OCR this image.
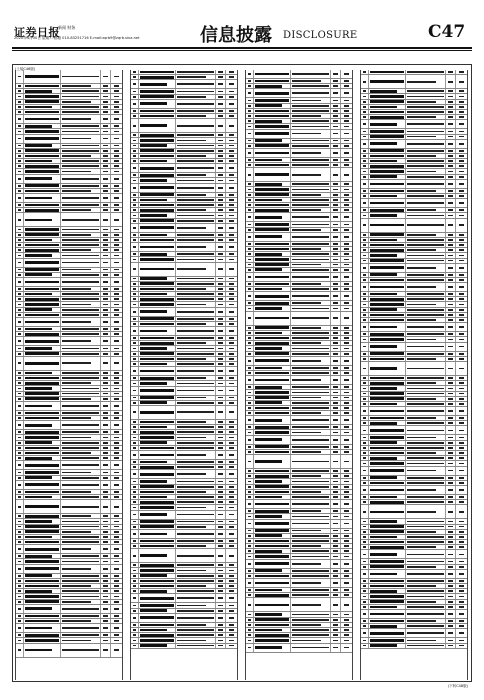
证券日报
新闻 财务
2020年4月30日 星期二 邮箱 010-83251716 E-mail:zqrb9@zqrb.sina.net	信息披露 DISCLOSURE	C47
(上接C46版)
(下转C48版)
